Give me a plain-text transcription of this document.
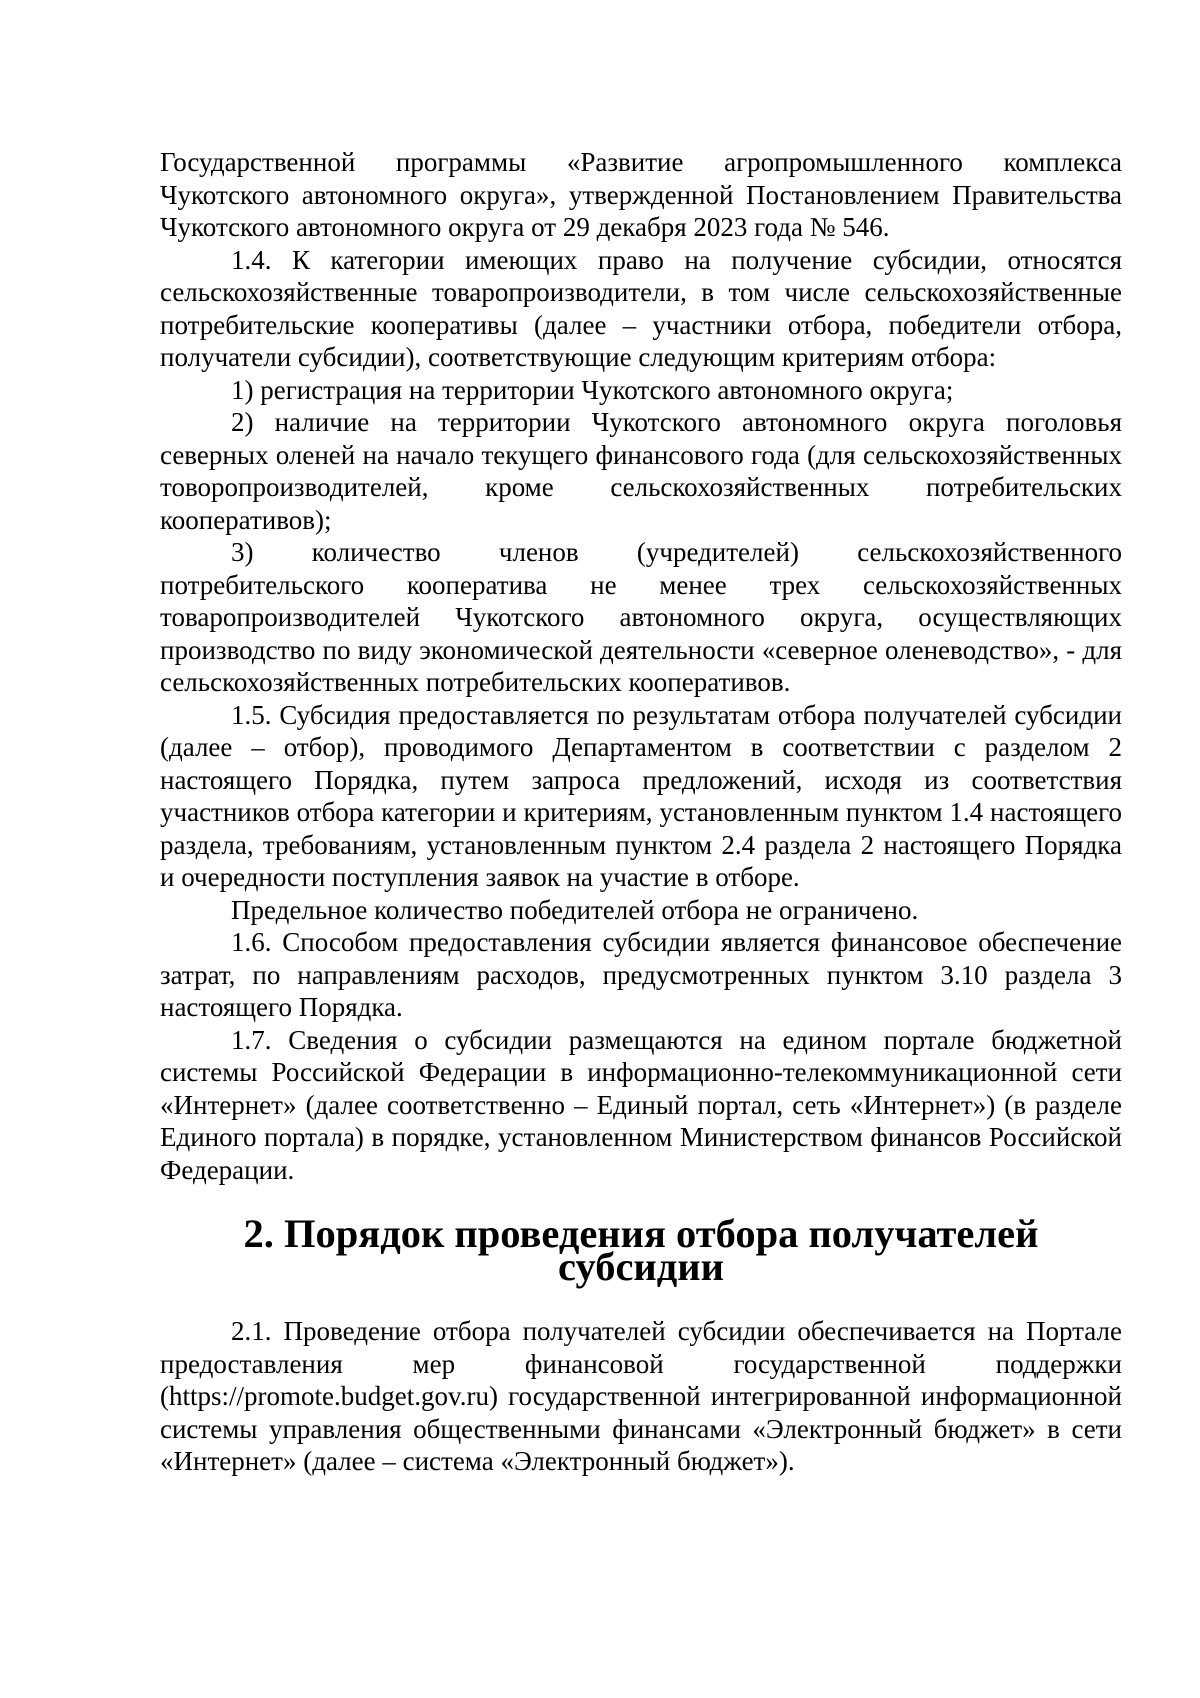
Государственной программы «Развитие агропромышленного комплекса Чукотского автономного округа», утвержденной Постановлением Правительства Чукотского автономного округа от 29 декабря 2023 года № 546.

1.4. К категории имеющих право на получение субсидии, относятся сельскохозяйственные товаропроизводители, в том числе сельскохозяйственные потребительские кооперативы (далее – участники отбора, победители отбора, получатели субсидии), соответствующие следующим критериям отбора:

1) регистрация на территории Чукотского автономного округа;

2) наличие на территории Чукотского автономного округа поголовья северных оленей на начало текущего финансового года (для сельскохозяйственных товоропроизводителей, кроме сельскохозяйственных потребительских кооперативов);

3) количество членов (учредителей) сельскохозяйственного потребительского кооператива не менее трех сельскохозяйственных товаропроизводителей Чукотского автономного округа, осуществляющих производство по виду экономической деятельности «северное оленеводство», - для сельскохозяйственных потребительских кооперативов.

1.5. Субсидия предоставляется по результатам отбора получателей субсидии (далее – отбор), проводимого Департаментом в соответствии с разделом 2 настоящего Порядка, путем запроса предложений, исходя из соответствия участников отбора категории и критериям, установленным пунктом 1.4 настоящего раздела, требованиям, установленным пунктом 2.4 раздела 2 настоящего Порядка и очередности поступления заявок на участие в отборе.

Предельное количество победителей отбора не ограничено.

1.6. Способом предоставления субсидии является финансовое обеспечение затрат, по направлениям расходов, предусмотренных пунктом 3.10 раздела 3 настоящего Порядка.

1.7. Сведения о субсидии размещаются на едином портале бюджетной системы Российской Федерации в информационно-телекоммуникационной сети «Интернет» (далее соответственно – Единый портал, сеть «Интернет») (в разделе Единого портала) в порядке, установленном Министерством финансов Российской Федерации.

2. Порядок проведения отбора получателей субсидии

2.1. Проведение отбора получателей субсидии обеспечивается на Портале предоставления мер финансовой государственной поддержки (https://promote.budget.gov.ru) государственной интегрированной информационной системы управления общественными финансами «Электронный бюджет» в сети «Интернет» (далее – система «Электронный бюджет»).
